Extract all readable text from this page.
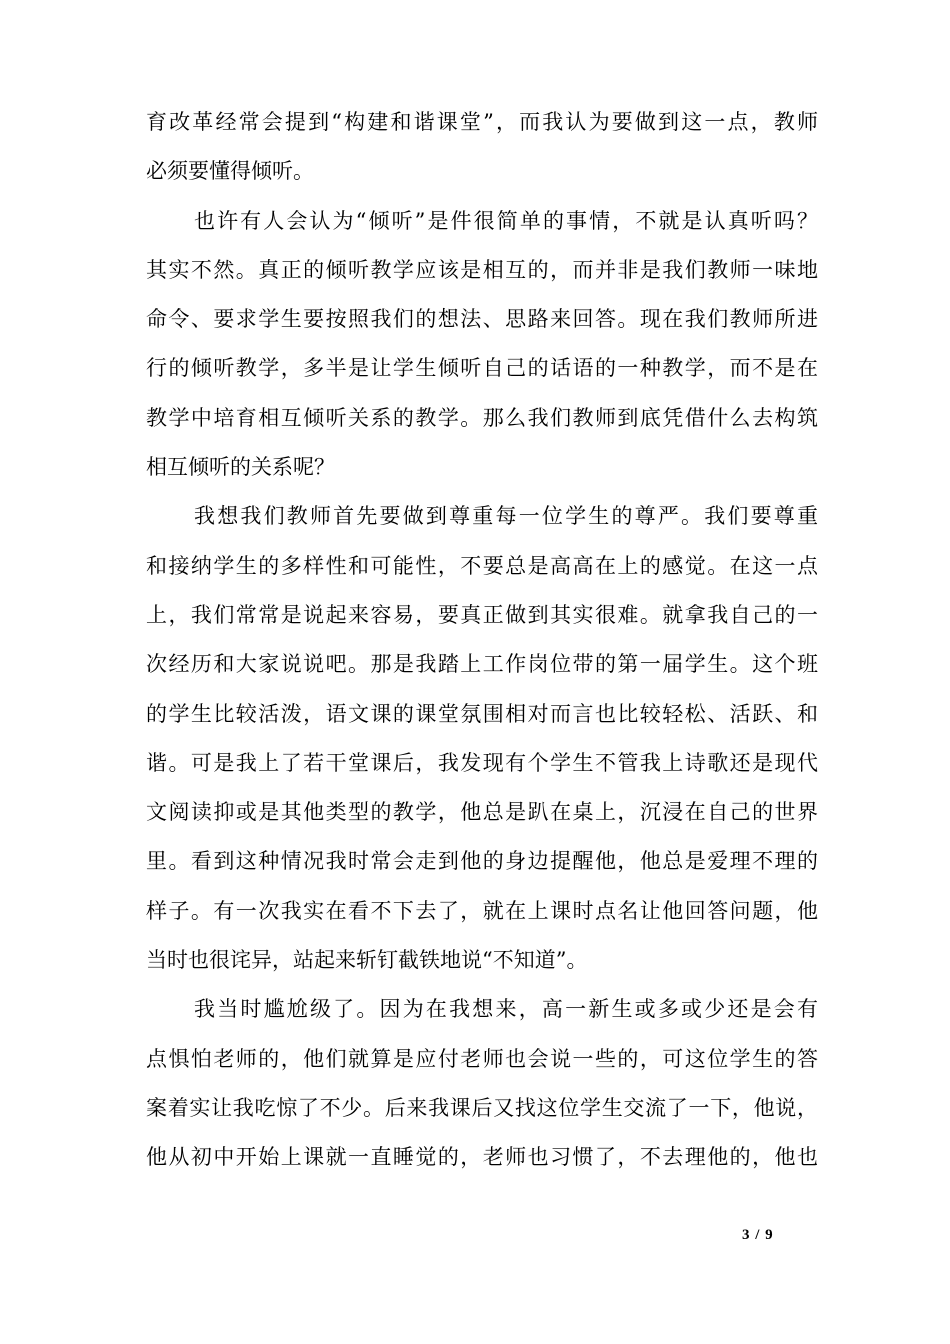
育改革经常会提到“构建和谐课堂”，而我认为要做到这一点，教师
必须要懂得倾听。
也许有人会认为“倾听”是件很简单的事情，不就是认真听吗？
其实不然。真正的倾听教学应该是相互的，而并非是我们教师一味地
命令、要求学生要按照我们的想法、思路来回答。现在我们教师所进
行的倾听教学，多半是让学生倾听自己的话语的一种教学，而不是在
教学中培育相互倾听关系的教学。那么我们教师到底凭借什么去构筑
相互倾听的关系呢？
我想我们教师首先要做到尊重每一位学生的尊严。我们要尊重
和接纳学生的多样性和可能性，不要总是高高在上的感觉。在这一点
上，我们常常是说起来容易，要真正做到其实很难。就拿我自己的一
次经历和大家说说吧。那是我踏上工作岗位带的第一届学生。这个班
的学生比较活泼，语文课的课堂氛围相对而言也比较轻松、活跃、和
谐。可是我上了若干堂课后，我发现有个学生不管我上诗歌还是现代
文阅读抑或是其他类型的教学，他总是趴在桌上，沉浸在自己的世界
里。看到这种情况我时常会走到他的身边提醒他，他总是爱理不理的
样子。有一次我实在看不下去了，就在上课时点名让他回答问题，他
当时也很诧异，站起来斩钉截铁地说“不知道”。
我当时尴尬级了。因为在我想来，高一新生或多或少还是会有
点惧怕老师的，他们就算是应付老师也会说一些的，可这位学生的答
案着实让我吃惊了不少。后来我课后又找这位学生交流了一下，他说，
他从初中开始上课就一直睡觉的，老师也习惯了，不去理他的，他也
3 / 9
